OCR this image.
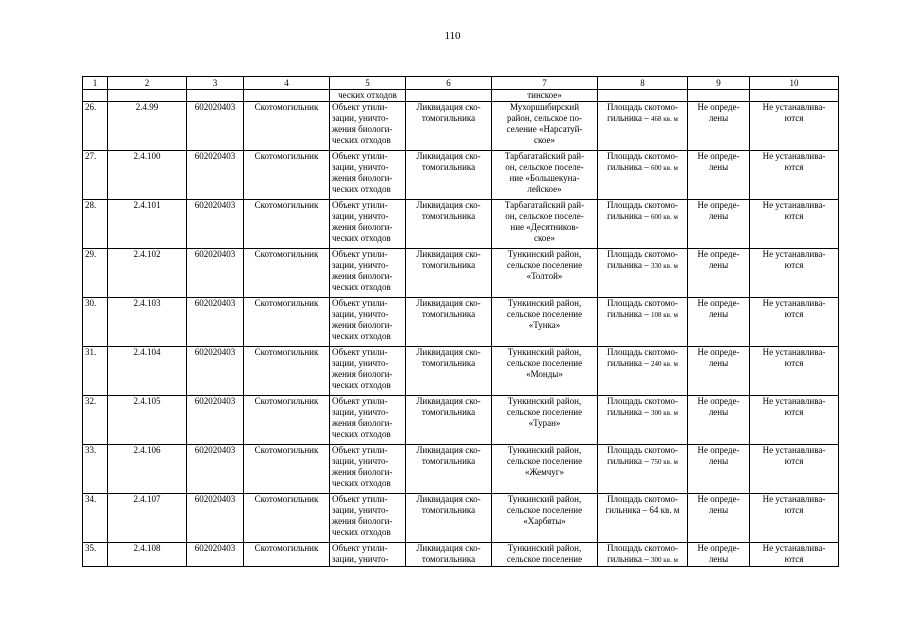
110
1	2	3	4	5	6	7	8	9	10
				ческих отходов		тинское»			
26.	2.4.99	602020403	Скотомогильник	Объект утили-
зации, уничто-
жения биологи-
ческих отходов	Ликвидация ско-
томогильника	Мухоршибирский
район, сельское по-
селение «Нарсатуй-
ское»	Площадь скотомо-
гильника – 468 кв. м	Не опреде-
лены	Не устанавлива-
ются

27.	2.4.100	602020403	Скотомогильник	Объект утили-
зации, уничто-
жения биологи-
ческих отходов	Ликвидация ско-
томогильника	Тарбагатайский рай-
он, сельское поселе-
ние «Большекуна-
лейское»	Площадь скотомо-
гильника – 600 кв. м	Не опреде-
лены	Не устанавлива-
ются

28.	2.4.101	602020403	Скотомогильник	Объект утили-
зации, уничто-
жения биологи-
ческих отходов	Ликвидация ско-
томогильника	Тарбагатайский рай-
он, сельское поселе-
ние «Десятников-
ское»	Площадь скотомо-
гильника – 600 кв. м	Не опреде-
лены	Не устанавлива-
ются

29.	2.4.102	602020403	Скотомогильник	Объект утили-
зации, уничто-
жения биологи-
ческих отходов	Ликвидация ско-
томогильника	Тункинский район,
сельское поселение
«Толтой»	Площадь скотомо-
гильника – 330 кв. м	Не опреде-
лены	Не устанавлива-
ются

30.	2.4.103	602020403	Скотомогильник	Объект утили-
зации, уничто-
жения биологи-
ческих отходов	Ликвидация ско-
томогильника	Тункинский район,
сельское поселение
«Тунка»	Площадь скотомо-
гильника – 108 кв. м	Не опреде-
лены	Не устанавлива-
ются

31.	2.4.104	602020403	Скотомогильник	Объект утили-
зации, уничто-
жения биологи-
ческих отходов	Ликвидация ско-
томогильника	Тункинский район,
сельское поселение
«Монды»	Площадь скотомо-
гильника – 240 кв. м	Не опреде-
лены	Не устанавлива-
ются

32.	2.4.105	602020403	Скотомогильник	Объект утили-
зации, уничто-
жения биологи-
ческих отходов	Ликвидация ско-
томогильника	Тункинский район,
сельское поселение
«Туран»	Площадь скотомо-
гильника – 300 кв. м	Не опреде-
лены	Не устанавлива-
ются

33.	2.4.106	602020403	Скотомогильник	Объект утили-
зации, уничто-
жения биологи-
ческих отходов	Ликвидация ско-
томогильника	Тункинский район,
сельское поселение
«Жемчуг»	Площадь скотомо-
гильника – 750 кв. м	Не опреде-
лены	Не устанавлива-
ются

34.	2.4.107	602020403	Скотомогильник	Объект утили-
зации, уничто-
жения биологи-
ческих отходов	Ликвидация ско-
томогильника	Тункинский район,
сельское поселение
«Харбяты»	Площадь скотомо-
гильника – 64 кв. м	Не опреде-
лены	Не устанавлива-
ются

35.	2.4.108	602020403	Скотомогильник	Объект утили-
зации, уничто-	Ликвидация ско-
томогильника	Тункинский район,
сельское поселение	Площадь скотомо-
гильника – 300 кв. м	Не опреде-
лены	Не устанавлива-
ются
